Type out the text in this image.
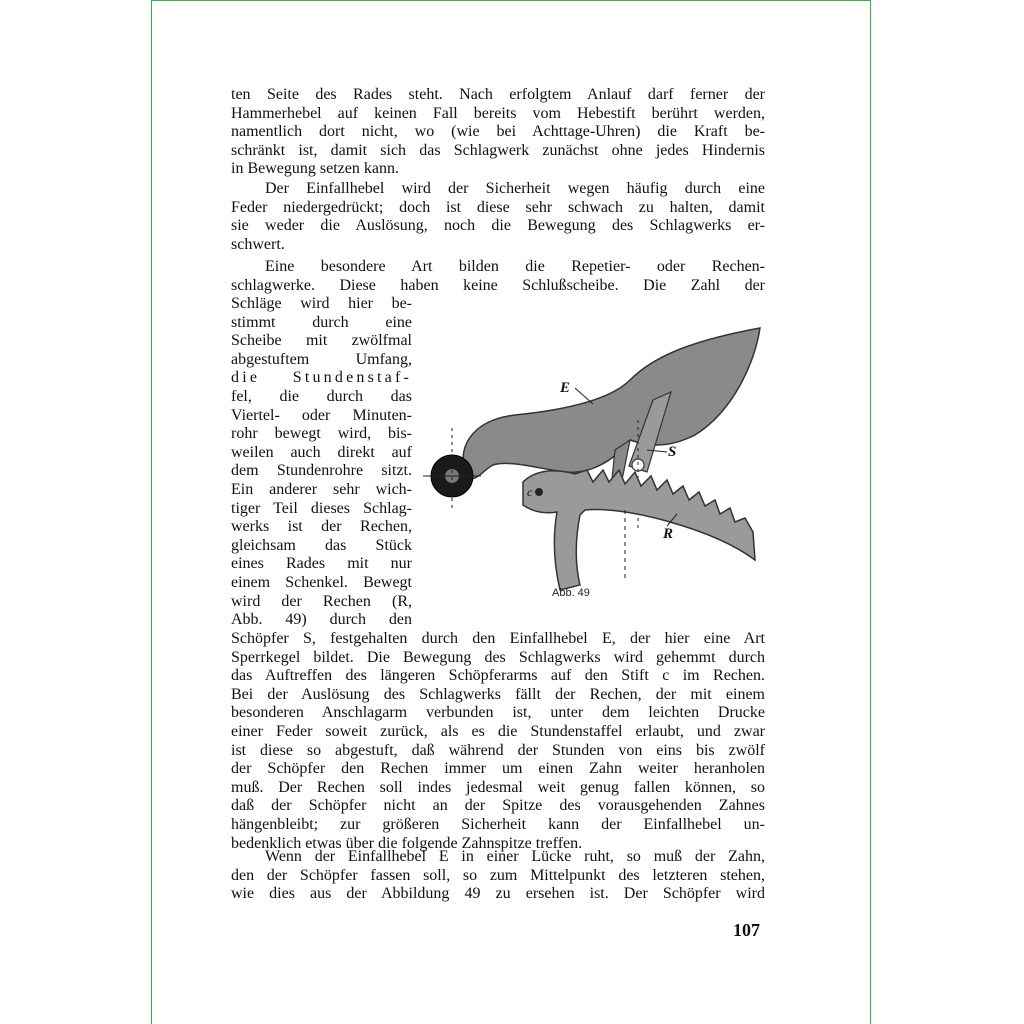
ten Seite des Rades steht. Nach erfolgtem Anlauf darf ferner der
Hammerhebel auf keinen Fall bereits vom Hebestift berührt werden,
namentlich dort nicht, wo (wie bei Achttage-Uhren) die Kraft be-
schränkt ist, damit sich das Schlagwerk zunächst ohne jedes Hindernis
in Bewegung setzen kann.
Der Einfallhebel wird der Sicherheit wegen häufig durch eine
Feder niedergedrückt; doch ist diese sehr schwach zu halten, damit
sie weder die Auslösung, noch die Bewegung des Schlagwerks er-
schwert.
Eine besondere Art bilden die Repetier- oder Rechen-
schlagwerke. Diese haben keine Schlußscheibe. Die Zahl der
Schläge wird hier be-
stimmt durch eine
Scheibe mit zwölfmal
abgestuftem Umfang,
die Stundenstaf-
fel, die durch das
Viertel- oder Minuten-
rohr bewegt wird, bis-
weilen auch direkt auf
dem Stundenrohre sitzt.
Ein anderer sehr wich-
tiger Teil dieses Schlag-
werks ist der Rechen,
gleichsam das Stück
eines Rades mit nur
einem Schenkel. Bewegt
wird der Rechen (R,
Abb. 49) durch den
E
S
R
c
Abb. 49
Schöpfer S, festgehalten durch den Einfallhebel E, der hier eine Art
Sperrkegel bildet. Die Bewegung des Schlagwerks wird gehemmt durch
das Auftreffen des längeren Schöpferarms auf den Stift c im Rechen.
Bei der Auslösung des Schlagwerks fällt der Rechen, der mit einem
besonderen Anschlagarm verbunden ist, unter dem leichten Drucke
einer Feder soweit zurück, als es die Stundenstaffel erlaubt, und zwar
ist diese so abgestuft, daß während der Stunden von eins bis zwölf
der Schöpfer den Rechen immer um einen Zahn weiter heranholen
muß. Der Rechen soll indes jedesmal weit genug fallen können, so
daß der Schöpfer nicht an der Spitze des vorausgehenden Zahnes
hängenbleibt; zur größeren Sicherheit kann der Einfallhebel un-
bedenklich etwas über die folgende Zahnspitze treffen.
Wenn der Einfallhebel E in einer Lücke ruht, so muß der Zahn,
den der Schöpfer fassen soll, so zum Mittelpunkt des letzteren stehen,
wie dies aus der Abbildung 49 zu ersehen ist. Der Schöpfer wird
107
